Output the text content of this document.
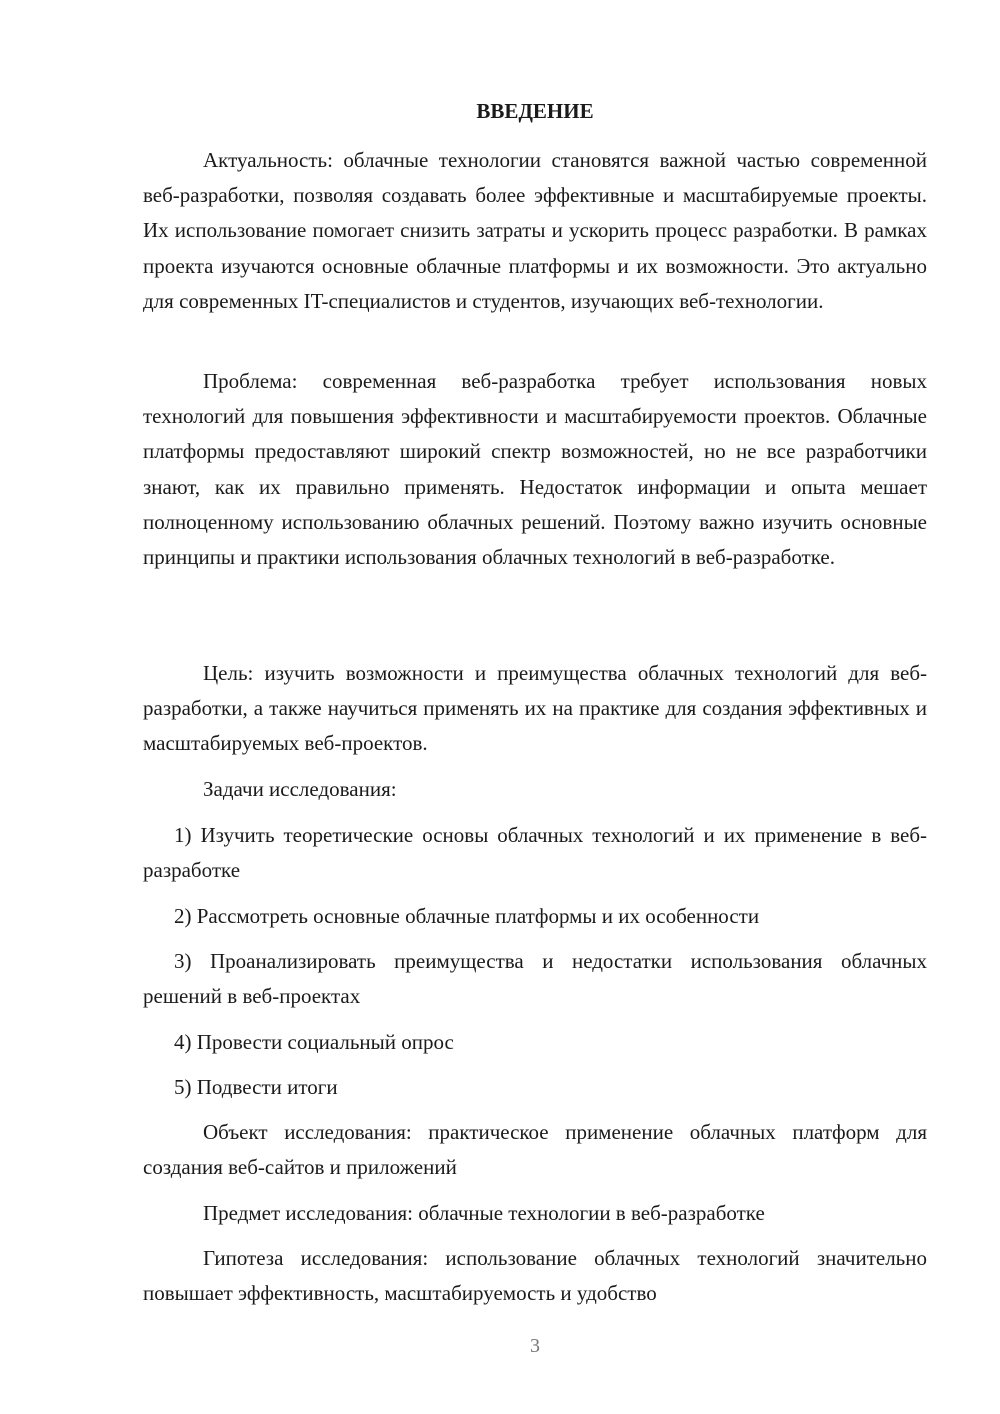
ВВЕДЕНИЕ

Актуальность: облачные технологии становятся важной частью современной веб-разработки, позволяя создавать более эффективные и масштабируемые проекты. Их использование помогает снизить затраты и ускорить процесс разработки. В рамках проекта изучаются основные облачные платформы и их возможности. Это актуально для современных IT-специалистов и студентов, изучающих веб-технологии.

Проблема: современная веб-разработка требует использования новых технологий для повышения эффективности и масштабируемости проектов. Облачные платформы предоставляют широкий спектр возможностей, но не все разработчики знают, как их правильно применять. Недостаток информации и опыта мешает полноценному использованию облачных решений. Поэтому важно изучить основные принципы и практики использования облачных технологий в веб-разработке.

Цель: изучить возможности и преимущества облачных технологий для веб-разработки, а также научиться применять их на практике для создания эффективных и масштабируемых веб-проектов.

Задачи исследования:

1) Изучить теоретические основы облачных технологий и их применение в веб-разработке

2) Рассмотреть основные облачные платформы и их особенности

3) Проанализировать преимущества и недостатки использования облачных решений в веб-проектах

4) Провести социальный опрос

5) Подвести итоги

Объект исследования: практическое применение облачных платформ для создания веб-сайтов и приложений

Предмет исследования: облачные технологии в веб-разработке

Гипотеза исследования: использование облачных технологий значительно повышает эффективность, масштабируемость и удобство

3
